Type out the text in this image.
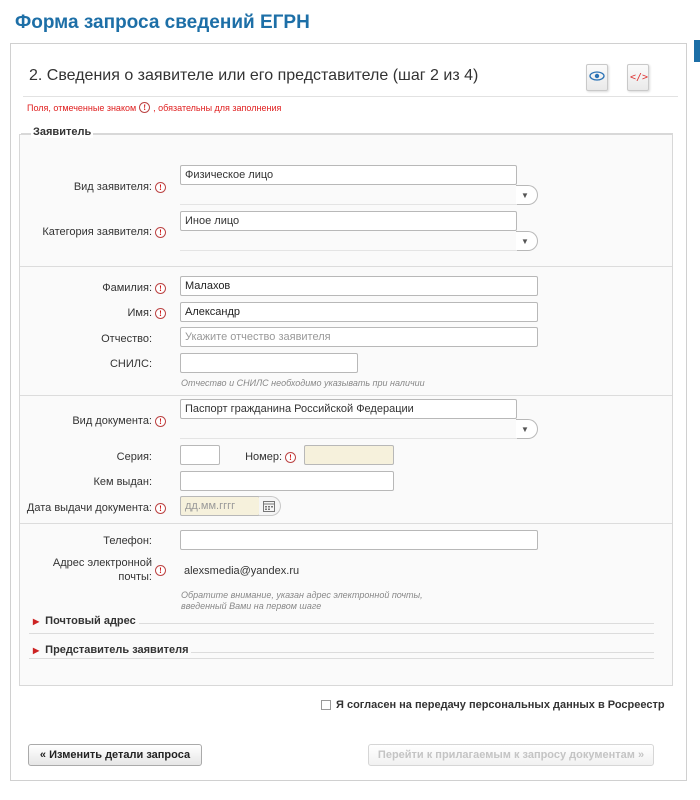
Форма запроса сведений ЕГРН
2. Сведения о заявителе или его представителе (шаг 2 из 4)	</>
Поля, отмеченные знаком ! , обязательны для заполнения
Заявитель
Вид заявителя: !
Физическое лицо
▼
Категория заявителя: !
Иное лицо
▼
Фамилия: !	Малахов
Имя: !	Александр
Отчество:	Укажите отчество заявителя
СНИЛС:
Отчество и СНИЛС необходимо указывать при наличии
Вид документа: !
Паспорт гражданина Российской Федерации
▼
Серия:	Номер: !
Кем выдан:
Дата выдачи документа: !	дд.мм.гггг
Телефон:
Адрес электронной
почты:
!	alexsmedia@yandex.ru
Обратите внимание, указан адрес электронной почты,
введенный Вами на первом шаге
▶ Почтовый адрес
▶ Представитель заявителя
Я согласен на передачу персональных данных в Росреестр
« Изменить детали запроса	Перейти к прилагаемым к запросу документам »
